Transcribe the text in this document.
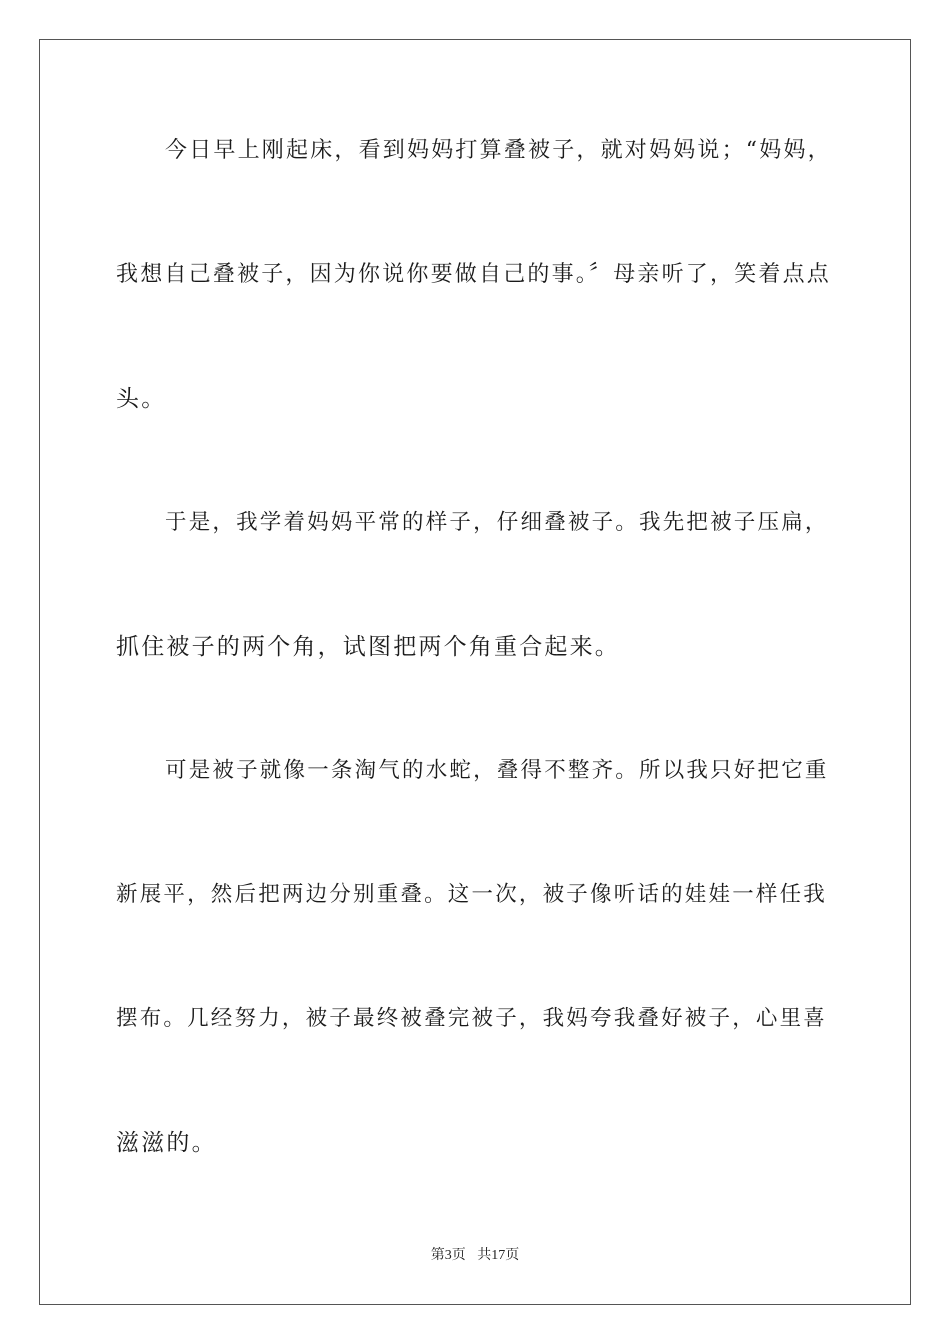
今日早上刚起床，看到妈妈打算叠被子，就对妈妈说；“妈妈，
我想自己叠被子，因为你说你要做自己的事。〞母亲听了，笑着点点
头。
于是，我学着妈妈平常的样子，仔细叠被子。我先把被子压扁，
抓住被子的两个角，试图把两个角重合起来。
可是被子就像一条淘气的水蛇，叠得不整齐。所以我只好把它重
新展平，然后把两边分别重叠。这一次，被子像听话的娃娃一样任我
摆布。几经努力，被子最终被叠完被子，我妈夸我叠好被子，心里喜
滋滋的。
第3页 共17页
